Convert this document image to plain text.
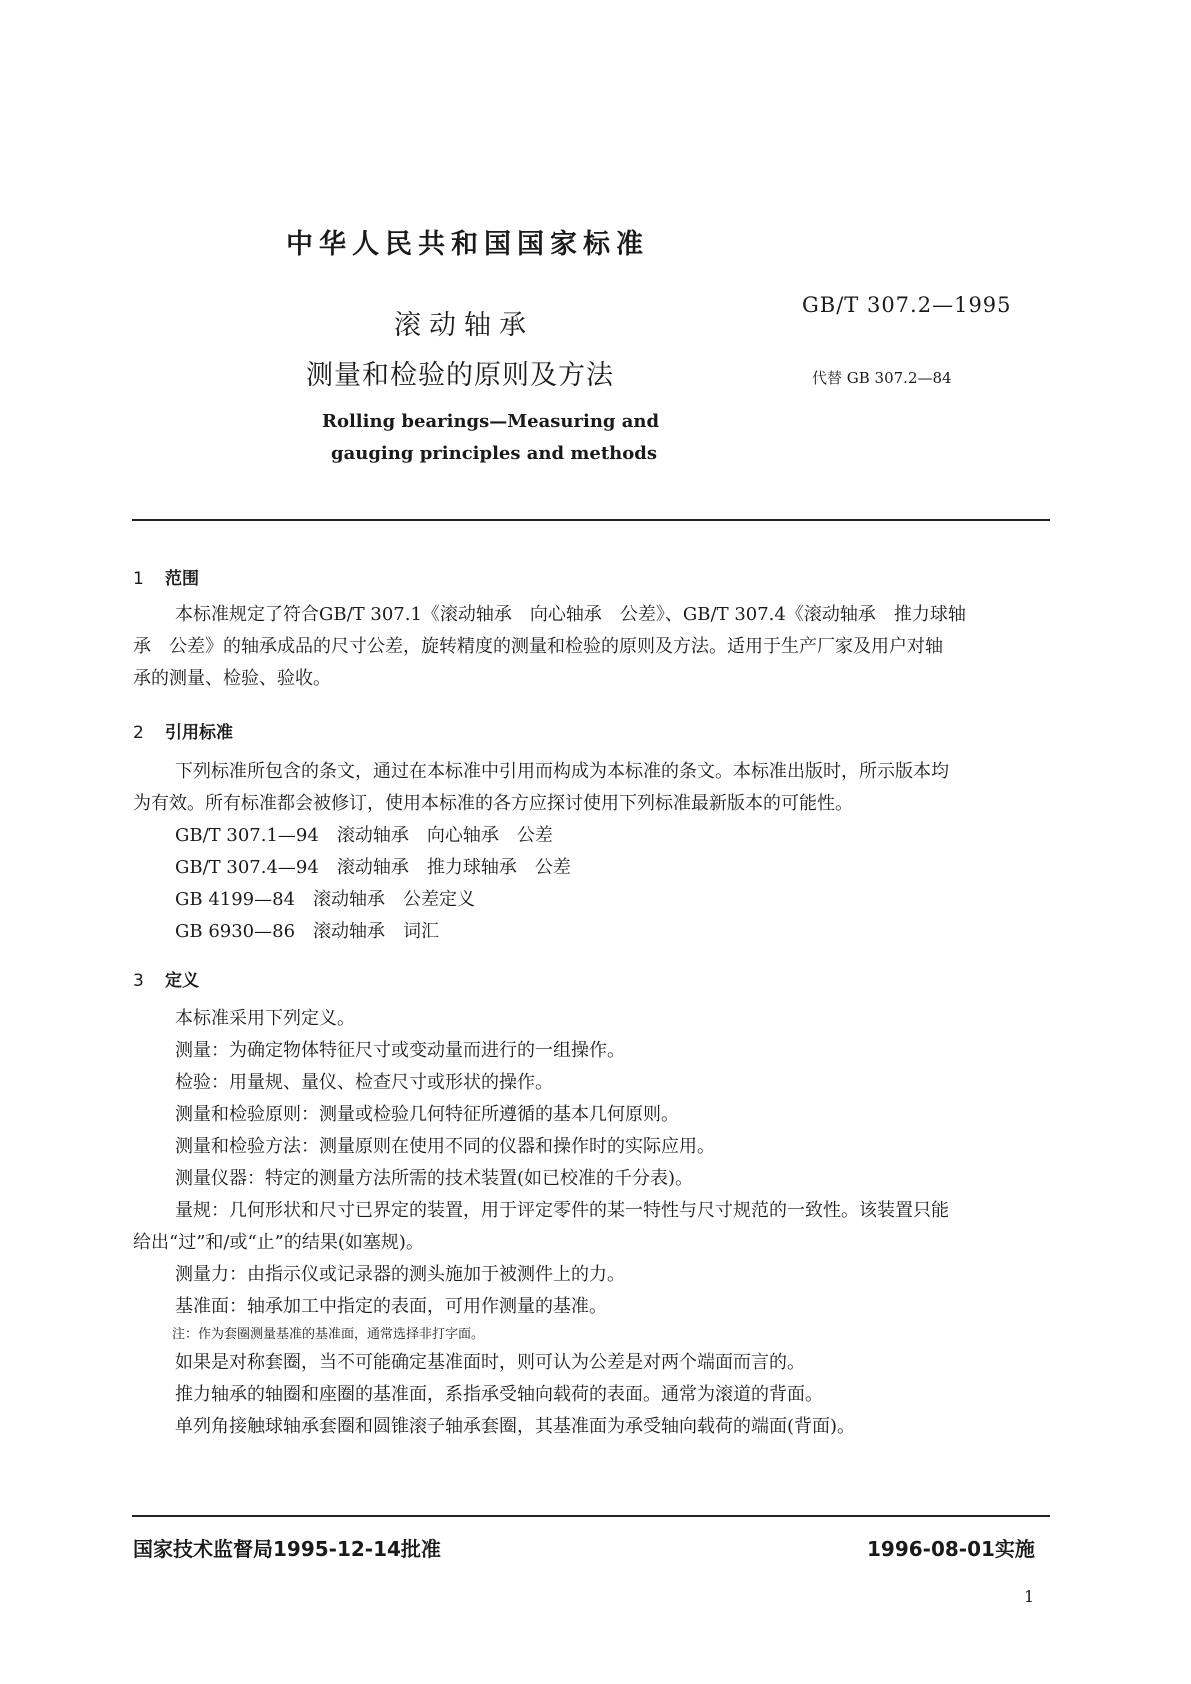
中华人民共和国国家标准
滚动轴承
测量和检验的原则及方法
GB/T 307.2—1995
代替 GB 307.2—84
Rolling bearings—Measuring and
gauging principles and methods
1 范围
本标准规定了符合GB/T 307.1《滚动轴承　向心轴承　公差》、GB/T 307.4《滚动轴承　推力球轴
承　公差》的轴承成品的尺寸公差，旋转精度的测量和检验的原则及方法。适用于生产厂家及用户对轴
承的测量、检验、验收。
2 引用标准
下列标准所包含的条文，通过在本标准中引用而构成为本标准的条文。本标准出版时，所示版本均
为有效。所有标准都会被修订，使用本标准的各方应探讨使用下列标准最新版本的可能性。
GB/T 307.1—94　滚动轴承　向心轴承　公差
GB/T 307.4—94　滚动轴承　推力球轴承　公差
GB 4199—84　滚动轴承　公差定义
GB 6930—86　滚动轴承　词汇
3 定义
本标准采用下列定义。
测量：为确定物体特征尺寸或变动量而进行的一组操作。
检验：用量规、量仪、检查尺寸或形状的操作。
测量和检验原则：测量或检验几何特征所遵循的基本几何原则。
测量和检验方法：测量原则在使用不同的仪器和操作时的实际应用。
测量仪器：特定的测量方法所需的技术装置(如已校准的千分表)。
量规：几何形状和尺寸已界定的装置，用于评定零件的某一特性与尺寸规范的一致性。该装置只能
给出“过”和/或“止”的结果(如塞规)。
测量力：由指示仪或记录器的测头施加于被测件上的力。
基准面：轴承加工中指定的表面，可用作测量的基准。
注：作为套圈测量基准的基准面，通常选择非打字面。
如果是对称套圈，当不可能确定基准面时，则可认为公差是对两个端面而言的。
推力轴承的轴圈和座圈的基准面，系指承受轴向载荷的表面。通常为滚道的背面。
单列角接触球轴承套圈和圆锥滚子轴承套圈，其基准面为承受轴向载荷的端面(背面)。
国家技术监督局1995-12-14批准	1996-08-01实施
1
